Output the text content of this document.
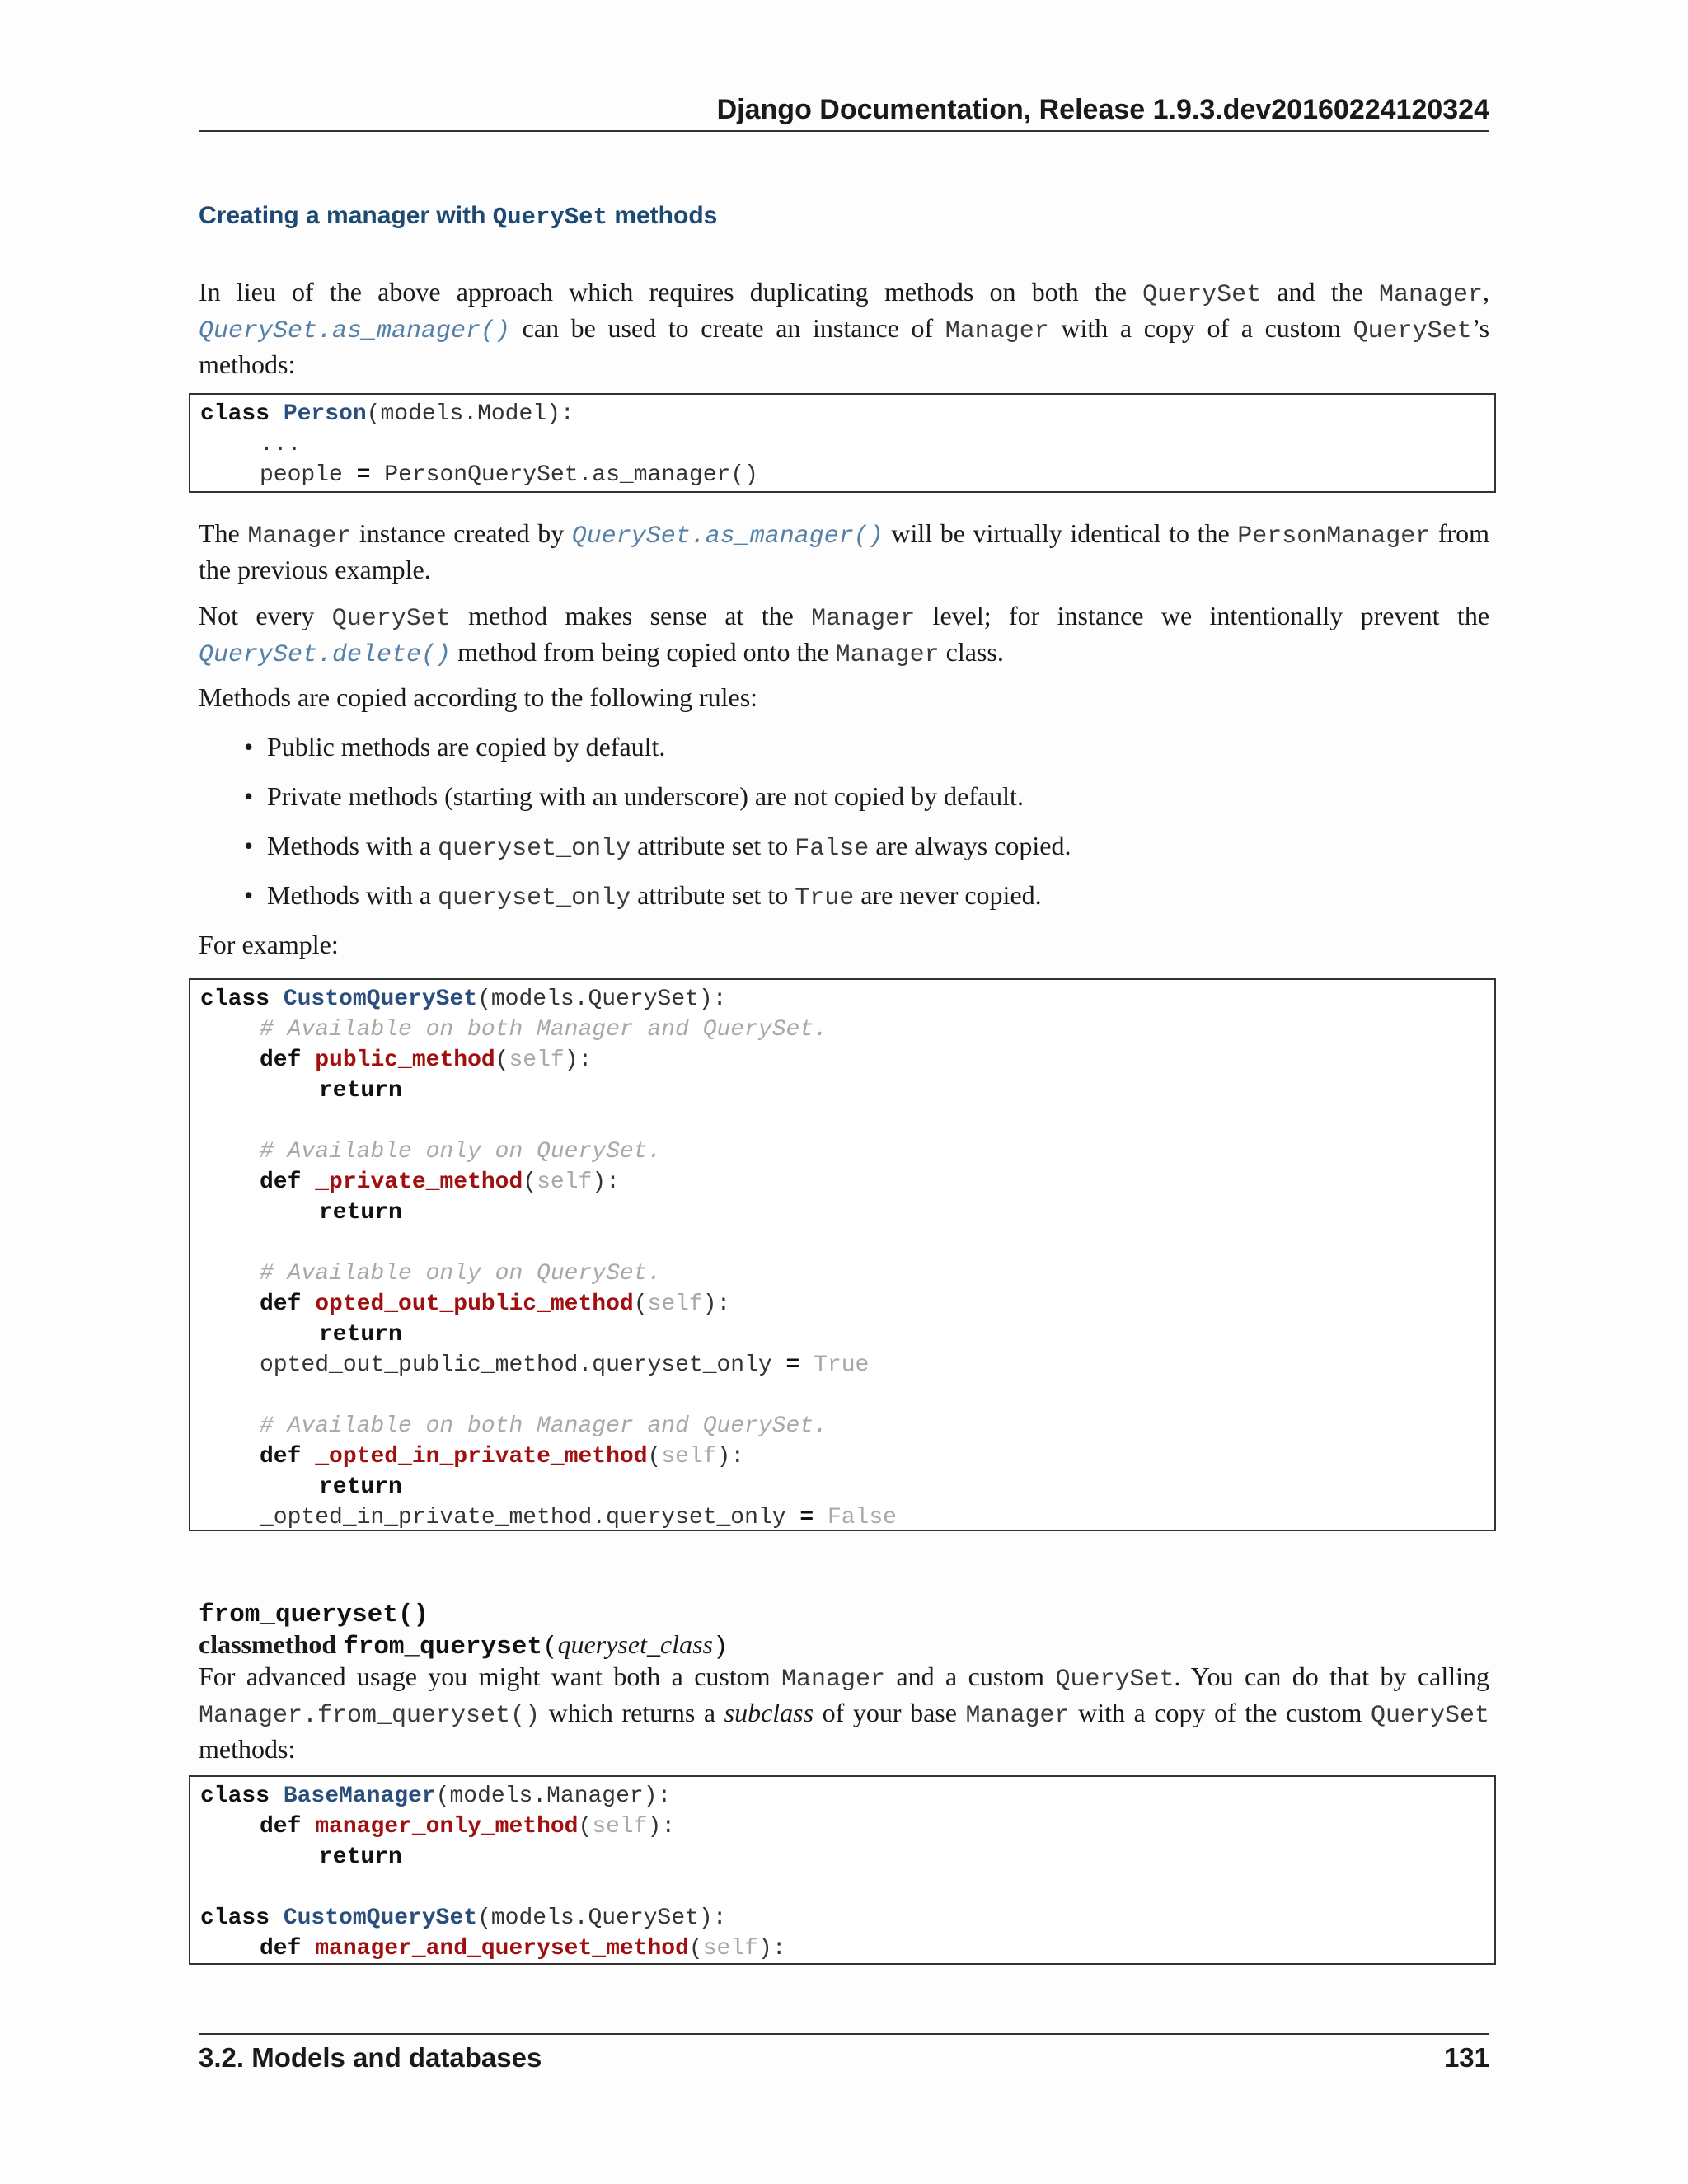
Django Documentation, Release 1.9.3.dev20160224120324
Creating a manager with QuerySet methods
In lieu of the above approach which requires duplicating methods on both the QuerySet and the Manager, QuerySet.as_manager() can be used to create an instance of Manager with a copy of a custom QuerySet’s methods:
class Person(models.Model):
...
people = PersonQuerySet.as_manager()
The Manager instance created by QuerySet.as_manager() will be virtually identical to the PersonManager from the previous example.
Not every QuerySet method makes sense at the Manager level; for instance we intentionally prevent the QuerySet.delete() method from being copied onto the Manager class.
Methods are copied according to the following rules:
• Public methods are copied by default.
• Private methods (starting with an underscore) are not copied by default.
• Methods with a queryset_only attribute set to False are always copied.
• Methods with a queryset_only attribute set to True are never copied.
For example:
class CustomQuerySet(models.QuerySet):
# Available on both Manager and QuerySet.
def public_method(self):
return
# Available only on QuerySet.
def _private_method(self):
return
# Available only on QuerySet.
def opted_out_public_method(self):
return
opted_out_public_method.queryset_only = True
# Available on both Manager and QuerySet.
def _opted_in_private_method(self):
return
_opted_in_private_method.queryset_only = False
from_queryset()
classmethod from_queryset(queryset_class)
For advanced usage you might want both a custom Manager and a custom QuerySet. You can do that by calling Manager.from_queryset() which returns a subclass of your base Manager with a copy of the custom QuerySet methods:
class BaseManager(models.Manager):
def manager_only_method(self):
return
class CustomQuerySet(models.QuerySet):
def manager_and_queryset_method(self):
3.2. Models and databases	131
